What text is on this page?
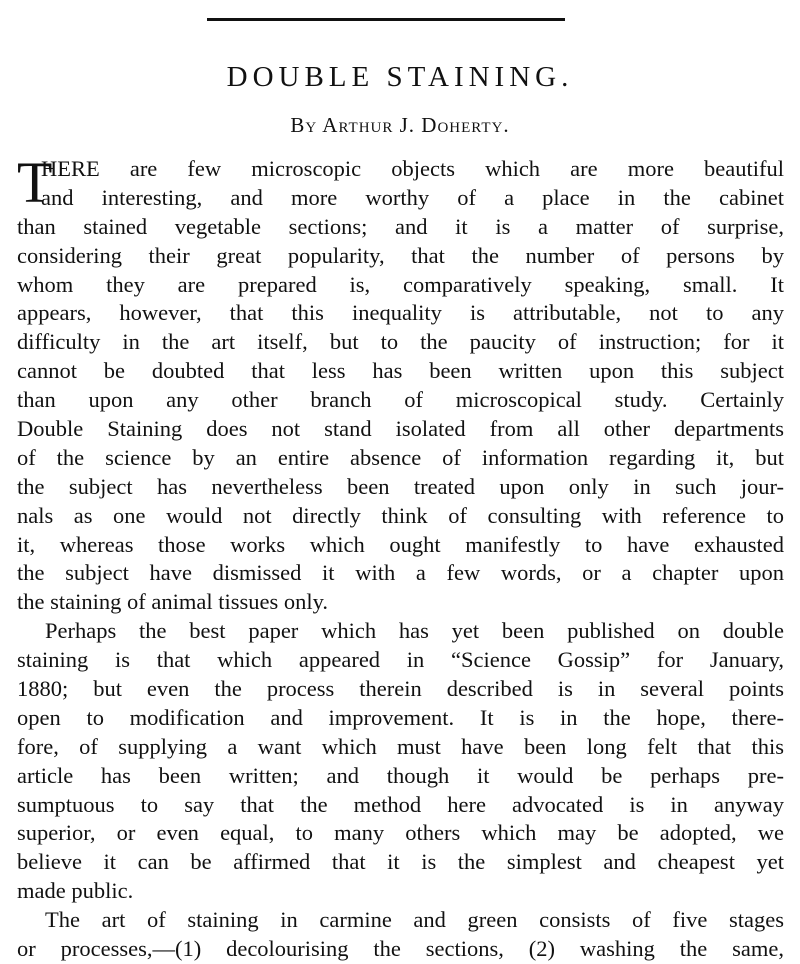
DOUBLE STAINING.
By Arthur J. Doherty.
T
HERE are few microscopic objects which are more beautiful
and interesting, and more worthy of a place in the cabinet
than stained vegetable sections; and it is a matter of surprise,
considering their great popularity, that the number of persons by
whom they are prepared is, comparatively speaking, small. It
appears, however, that this inequality is attributable, not to any
difficulty in the art itself, but to the paucity of instruction; for it
cannot be doubted that less has been written upon this subject
than upon any other branch of microscopical study. Certainly
Double Staining does not stand isolated from all other departments
of the science by an entire absence of information regarding it, but
the subject has nevertheless been treated upon only in such jour-
nals as one would not directly think of consulting with reference to
it, whereas those works which ought manifestly to have exhausted
the subject have dismissed it with a few words, or a chapter upon
the staining of animal tissues only.
Perhaps the best paper which has yet been published on double
staining is that which appeared in “Science Gossip” for January,
1880; but even the process therein described is in several points
open to modification and improvement. It is in the hope, there-
fore, of supplying a want which must have been long felt that this
article has been written; and though it would be perhaps pre-
sumptuous to say that the method here advocated is in anyway
superior, or even equal, to many others which may be adopted, we
believe it can be affirmed that it is the simplest and cheapest yet
made public.
The art of staining in carmine and green consists of five stages
or processes,—(1) decolourising the sections, (2) washing the same,
